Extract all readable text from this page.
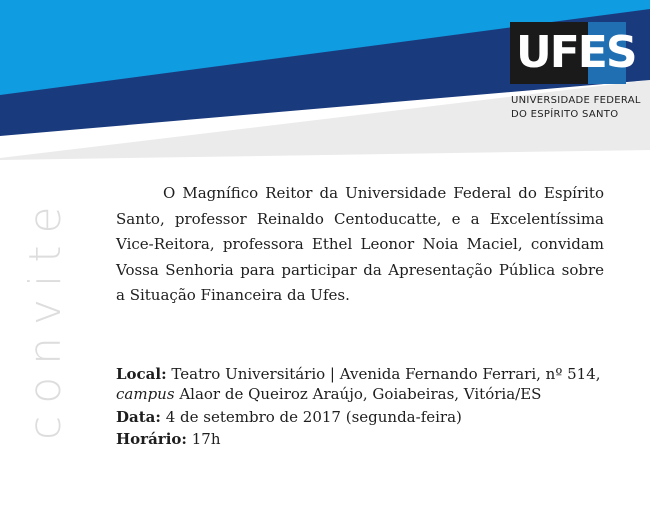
UFES
UNIVERSIDADE FEDERAL
DO ESPÍRITO SANTO
convite

O Magnífico Reitor da Universidade Federal do Espírito Santo, professor Reinaldo Centoducatte, e a Excelentíssima Vice-Reitora, professora Ethel Leonor Noia Maciel, convidam Vossa Senhoria para participar da Apresentação Pública sobre a Situação Financeira da Ufes.

Local: Teatro Universitário | Avenida Fernando Ferrari, nº 514,
campus Alaor de Queiroz Araújo, Goiabeiras, Vitória/ES
Data: 4 de setembro de 2017 (segunda-feira)
Horário: 17h
